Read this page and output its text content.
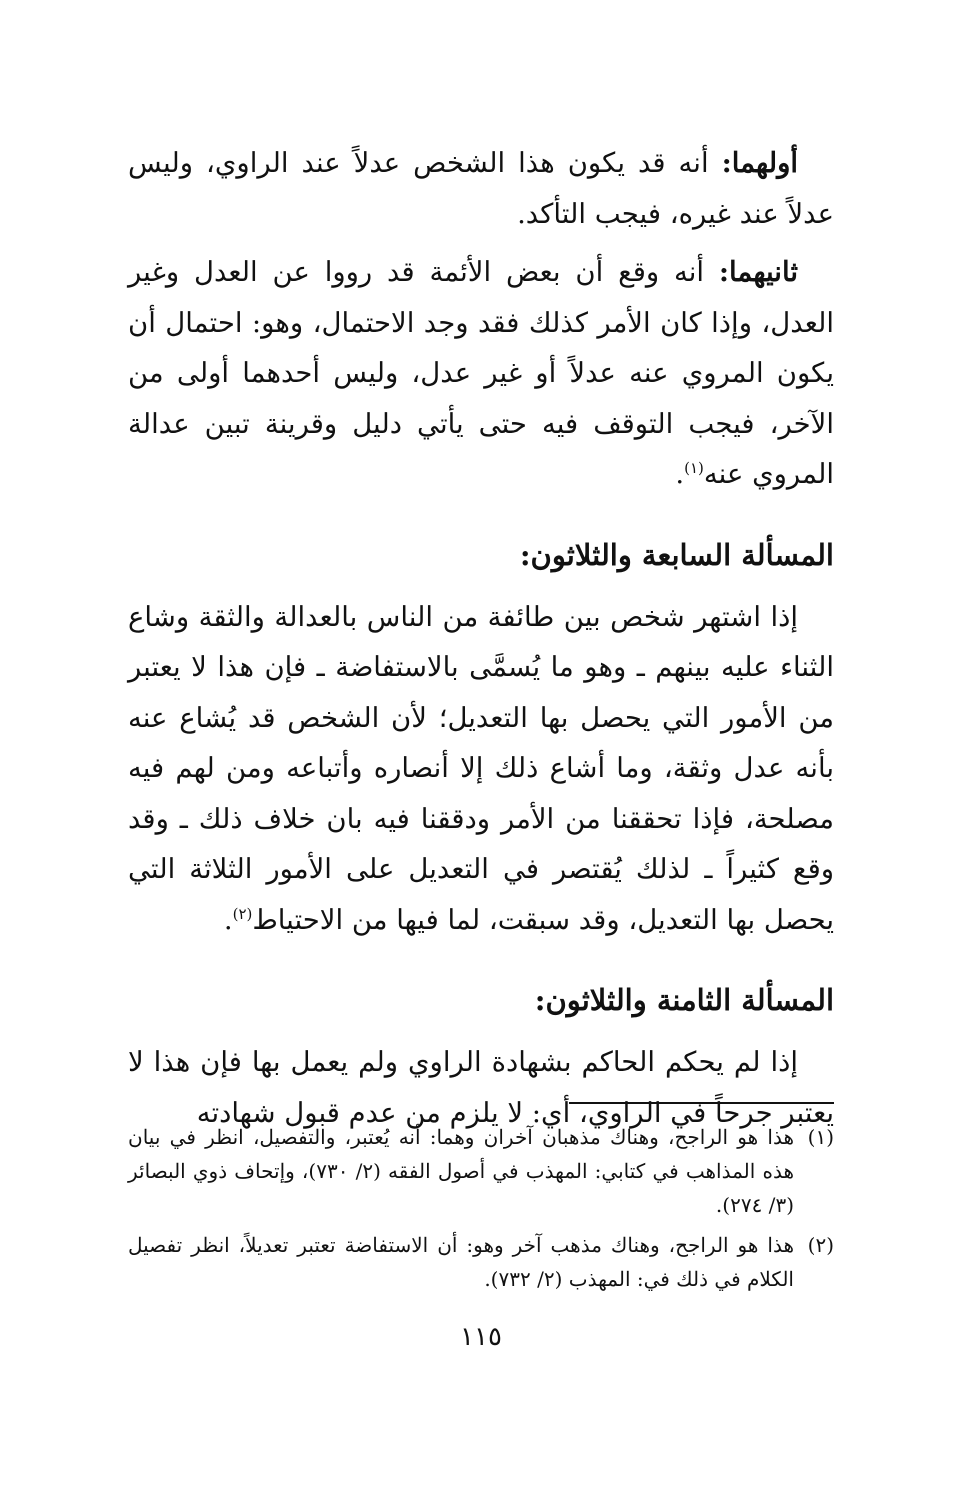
أولهما: أنه قد يكون هذا الشخص عدلاً عند الراوي، وليس عدلاً عند غيره، فيجب التأكد.

ثانيهما: أنه وقع أن بعض الأئمة قد رووا عن العدل وغير العدل، وإذا كان الأمر كذلك فقد وجد الاحتمال، وهو: احتمال أن يكون المروي عنه عدلاً أو غير عدل، وليس أحدهما أولى من الآخر، فيجب التوقف فيه حتى يأتي دليل وقرينة تبين عدالة المروي عنه$^{(١)}$.

المسألة السابعة والثلاثون:

إذا اشتهر شخص بين طائفة من الناس بالعدالة والثقة وشاع الثناء عليه بينهم ـ وهو ما يُسمَّى بالاستفاضة ـ فإن هذا لا يعتبر من الأمور التي يحصل بها التعديل؛ لأن الشخص قد يُشاع عنه بأنه عدل وثقة، وما أشاع ذلك إلا أنصاره وأتباعه ومن لهم فيه مصلحة، فإذا تحققنا من الأمر ودققنا فيه بان خلاف ذلك ـ وقد وقع كثيراً ـ لذلك يُقتصر في التعديل على الأمور الثلاثة التي يحصل بها التعديل، وقد سبقت، لما فيها من الاحتياط$^{(٢)}$.

المسألة الثامنة والثلاثون:

إذا لم يحكم الحاكم بشهادة الراوي ولم يعمل بها فإن هذا لا يعتبر جرحاً في الراوي، أي: لا يلزم من عدم قبول شهادته

(١)هذا هو الراجح، وهناك مذهبان آخران وهما: أنه يُعتبر، والتفصيل، انظر في بيان هذه المذاهب في كتابي: المهذب في أصول الفقه (٢/ ٧٣٠)، وإتحاف ذوي البصائر (٣/ ٢٧٤).

(٢)هذا هو الراجح، وهناك مذهب آخر وهو: أن الاستفاضة تعتبر تعديلاً، انظر تفصيل الكلام في ذلك في: المهذب (٢/ ٧٣٢).

١١٥
